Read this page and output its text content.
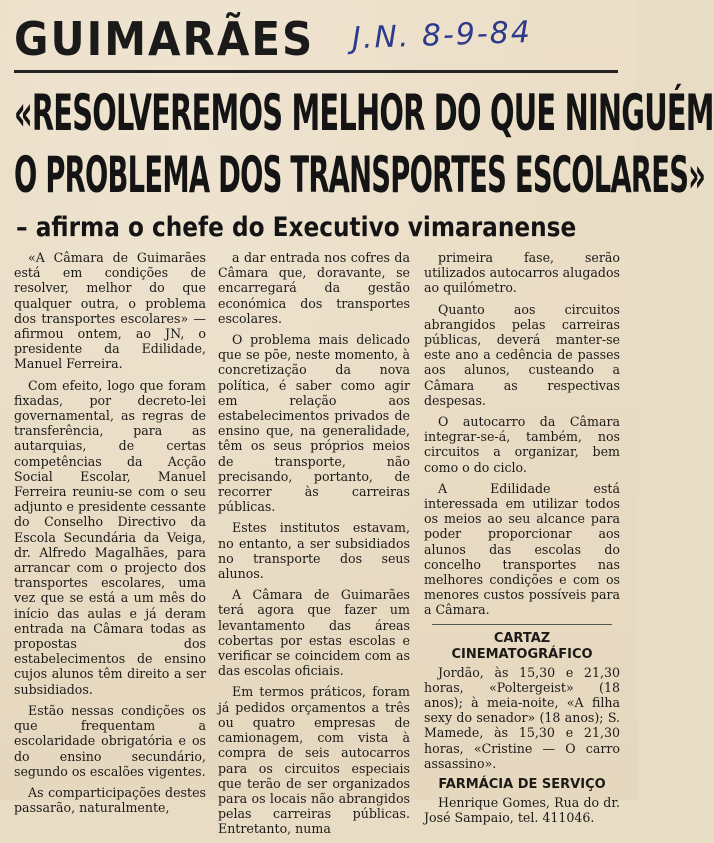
GUIMARÃES J.N. 8-9-84
«RESOLVEREMOS MELHOR DO QUE NINGUÉM
O PROBLEMA DOS TRANSPORTES ESCOLARES»
– afirma o chefe do Executivo vimaranense

«A Câmara de Guimarães está em condições de resolver, melhor do que qualquer outra, o problema dos transportes escolares» — afirmou ontem, ao JN, o presidente da Edilidade, Manuel Ferreira.

Com efeito, logo que foram fixadas, por decreto-lei governamental, as regras de transferência, para as autarquias, de certas competências da Acção Social Escolar, Manuel Ferreira reuniu-se com o seu adjunto e presidente cessante do Conselho Directivo da Escola Secundária da Veiga, dr. Alfredo Magalhães, para arrancar com o projecto dos transportes escolares, uma vez que se está a um mês do início das aulas e já deram entrada na Câmara todas as propostas dos estabelecimentos de ensino cujos alunos têm direito a ser subsidiados.

Estão nessas condições os que frequentam a escolaridade obrigatória e os do ensino secundário, segundo os escalões vigentes.

As comparticipações destes passarão, naturalmente,

a dar entrada nos cofres da Câmara que, doravante, se encarregará da gestão económica dos transportes escolares.

O problema mais delicado que se põe, neste momento, à concretização da nova política, é saber como agir em relação aos estabelecimentos privados de ensino que, na generalidade, têm os seus próprios meios de transporte, não precisando, portanto, de recorrer às carreiras públicas.

Estes institutos estavam, no entanto, a ser subsidiados no transporte dos seus alunos.

A Câmara de Guimarães terá agora que fazer um levantamento das áreas cobertas por estas escolas e verificar se coincidem com as das escolas oficiais.

Em termos práticos, foram já pedidos orçamentos a três ou quatro empresas de camionagem, com vista à compra de seis autocarros para os circuitos especiais que terão de ser organizados para os locais não abrangidos pelas carreiras públicas. Entretanto, numa

primeira fase, serão utilizados autocarros alugados ao quilómetro.

Quanto aos circuitos abrangidos pelas carreiras públicas, deverá manter-se este ano a cedência de passes aos alunos, custeando a Câmara as respectivas despesas.

O autocarro da Câmara integrar-se-á, também, nos circuitos a organizar, bem como o do ciclo.

A Edilidade está interessada em utilizar todos os meios ao seu alcance para poder proporcionar aos alunos das escolas do concelho transportes nas melhores condições e com os menores custos possíveis para a Câmara.

CARTAZ
CINEMATOGRÁFICO

Jordão, às 15,30 e 21,30 horas, «Poltergeist» (18 anos); à meia-noite, «A filha sexy do senador» (18 anos); S. Mamede, às 15,30 e 21,30 horas, «Cristine — O carro assassino».

FARMÁCIA DE SERVIÇO

Henrique Gomes, Rua do dr. José Sampaio, tel. 411046.
